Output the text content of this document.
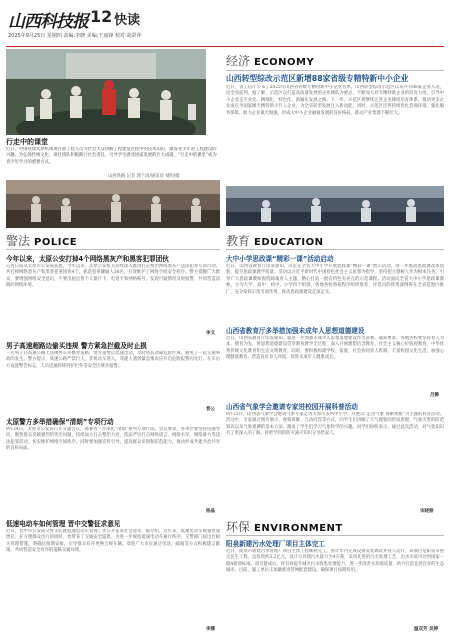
山西科技报 12 快读
2025年9月25日 星期四 责编:李晓 美编:王丽锋 校对:胡彩萍
行走中的课堂
近日，中国铁建太原机场项目部工程人员为社会大众讲解工程建设过程中的技术知识，激发青少年对工程建设的兴趣。为弘扬传统文化，项目团队积极践行社会责任，引导学生感受国家发展的巨大成就，“行走中的课堂”成为青少年学习的重要方式。
山西铁路 记者 郭兰屏/通讯员 刘明/摄
经济 ECONOMY
山西转型综改示范区新增88家省级专精特新中小企业
近日，省工信厅公布了2025年山西省省级专精特新中小企业名单，山西转型综改示范区以来共有88家企业入选，居全省前列。据了解，示范区以打造高质量发展的企业梯队为重点，不断加大对专精特新企业的培育力度，引导中小企业走专业化、精细化、特色化、新颖化发展之路。下一步，示范区将继续完善企业梯度培育体系，推动更多企业成长为国家级专精特新小巨人企业，为全省转型发展注入新动能。同时，示范区还将持续优化营商环境，强化服务保障，助力企业做大做强，形成大中小企业融通发展的良好格局，推动产业集群不断壮大。
警法 POLICE
今年以来，太原公安打掉4个网络黑灰产和黑客犯罪团伙
记者日前从太原市公安局获悉，今年以来，太原公安机关持续深入推进打击整治网络黑灰产违法犯罪专项行动，共打掉网络黑灰产和黑客犯罪团伙4个，抓获犯罪嫌疑人38名，有效维护了网络空间安全秩序。警方提醒广大群众，要增强网络安全意识，不要出租出售个人银行卡、电话卡和网络账号，发现可疑情况及时报警，共同营造清朗的网络环境。
李文
男子高速超路边偷买违规 警方紧急拦截及时止损
一名男子在高速公路上违规停车并横穿道路，警方接警后迅速出动，及时将其劝离危险区域，避免了一起交通事故的发生。警方提示，高速公路严禁行人、非机动车进入，驾驶人遇到紧急情况应开启危险报警闪光灯，在车后方设置警告标志，人员迅速转移到护栏外等安全区域并报警。
晋公
太原警方多举措确保“清朗”专项行动
9月24日，太原市公安局召开专题会议，部署进一步深化“清朗”系列专项行动。会议要求，各单位要坚持问题导向，聚焦群众反映强烈的突出问题，持续加大打击整治力度，依法严厉打击网络谣言、网络水军、网络暴力等违法犯罪活动，切实维护网络空间秩序。同时要加强宣传引导，提高群众识别和防范能力，推动形成共建共治共享的良好局面。
杨晶
低速电动车如何管理 晋中交警征求意见
近日，晋中市公安局交警支队就低速电动车管理工作公开征求社会意见。据介绍，近年来，低速电动车数量快速增长，在方便群众出行的同时，也带来了交通安全隐患。为进一步规范低速电动车通行秩序，交警部门拟出台相关管理措施，明确过渡期安排，引导群众有序更换合规车辆。欢迎广大市民通过电话、邮箱等方式积极建言献策，共同营造安全有序的道路交通环境。
李娜
教育 EDUCATION
大中小学思政课“精彩一课”活动启动
近日，山西省教育厅印发通知，决定在全省大中小学开展思政课“精彩一课”展示活动，进一步推动思政课改革创新，提升思政课教学质量。活动以习近平新时代中国特色社会主义思想为指导，坚持把立德树人作为根本任务，引导广大思政课教师围绕铸魂育人主题，精心打造一批有特色有亮点的示范课程。活动面向全省大中小学思政课教师，分为大学、高中、初中、小学四个组别，各地各校将按程序组织推荐，评选出的优秀课例将在全省范围内推广，充分发挥示范引领作用，推动思政课建设走深走实。
山西省教育厅多举措加强未成年人思想道德建设
近日，山西省教育厅印发通知，就进一步加强未成年人思想道德建设作出部署。通知要求，各地各校要坚持育人为本、德育为先，将思想道德建设贯穿教育教学全过程，深入开展理想信念教育、社会主义核心价值观教育、中华优秀传统文化教育和生态文明教育。同时，要积极构建学校、家庭、社会协同育人机制，丰富校园文化生活，加强心理健康教育，营造良好育人环境，促进未成年人健康成长。
吕静
山西省气象学会邀请专家进校园开展科普活动
9月23日，山西省气象学会邀请气象专家走进太原市多所中小学，开展以“走进气象 探索奥秘”为主题的科普活动。活动中，专家通过图片展示、视频讲解、互动问答等方式，向学生们讲解了天气现象的形成原理、气象灾害的防范知识以及气象观测的基本方法，激发了学生们学习气象科学的兴趣。同学们纷纷表示，通过此次活动，对气象知识有了更深入的了解，将把学到的防灾减灾知识分享给家人。
宋晓丽
环保 ENVIRONMENT
阳泉新建污水处理厂项目主体完工
近日，阳泉市新建污水处理厂项目主体工程顺利完工，预计年内完成设备安装调试并投入运行。该项目是阳泉市重点民生工程，总投资约3.2亿元，设计日处理污水能力为4万吨，采用先进的污水处理工艺，出水水质可达到国家一级A排放标准。项目建成后，将有效提升城区污水收集处理能力，进一步改善水环境质量，助力打造宜居宜业的生态城市。目前，施工单位正加紧推进管网配套建设，确保项目按期投用。
温双芳 吴婷
